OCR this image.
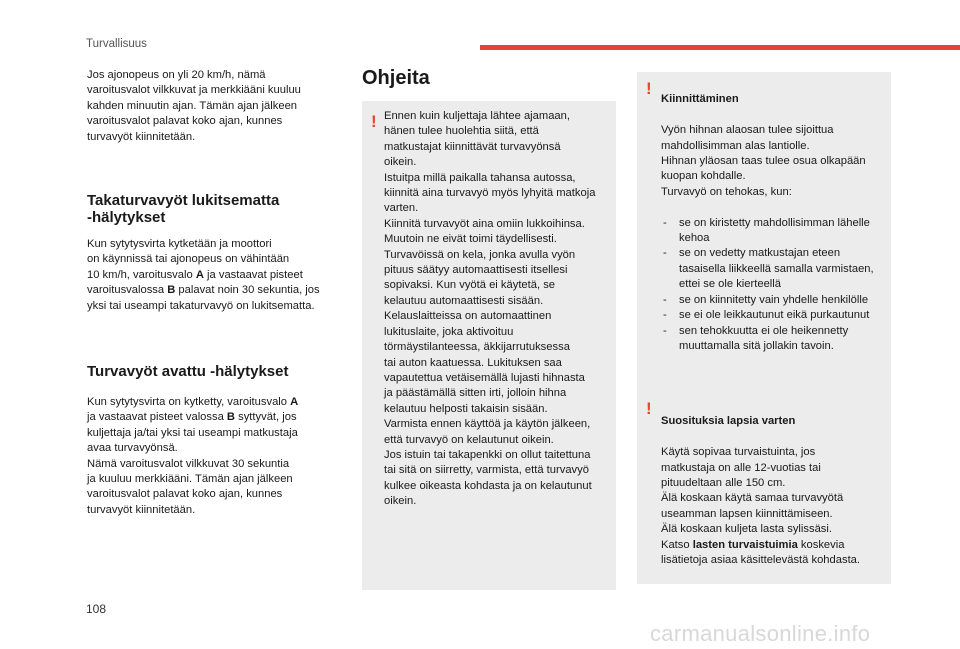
Turvallisuus

Jos ajonopeus on yli 20 km/h, nämä
varoitusvalot vilkkuvat ja merkkiääni kuuluu
kahden minuutin ajan. Tämän ajan jälkeen
varoitusvalot palavat koko ajan, kunnes
turvavyöt kiinnitetään.

Takaturvavyöt lukitsematta
-hälytykset

Kun sytytysvirta kytketään ja moottori
on käynnissä tai ajonopeus on vähintään
10 km/h, varoitusvalo A ja vastaavat pisteet
varoitusvalossa B palavat noin 30 sekuntia, jos
yksi tai useampi takaturvavyö on lukitsematta.

Turvavyöt avattu -hälytykset

Kun sytytysvirta on kytketty, varoitusvalo A
ja vastaavat pisteet valossa B syttyvät, jos
kuljettaja ja/tai yksi tai useampi matkustaja
avaa turvavyönsä.
Nämä varoitusvalot vilkkuvat 30 sekuntia
ja kuuluu merkkiääni. Tämän ajan jälkeen
varoitusvalot palavat koko ajan, kunnes
turvavyöt kiinnitetään.

Ohjeita
! Ennen kuin kuljettaja lähtee ajamaan,
hänen tulee huolehtia siitä, että
matkustajat kiinnittävät turvavyönsä
oikein.
Istuitpa millä paikalla tahansa autossa,
kiinnitä aina turvavyö myös lyhyitä matkoja
varten.
Kiinnitä turvavyöt aina omiin lukkoihinsa.
Muutoin ne eivät toimi täydellisesti.
Turvavöissä on kela, jonka avulla vyön
pituus säätyy automaattisesti itsellesi
sopivaksi. Kun vyötä ei käytetä, se
kelautuu automaattisesti sisään.
Kelauslaitteissa on automaattinen
lukituslaite, joka aktivoituu
törmäystilanteessa, äkkijarrutuksessa
tai auton kaatuessa. Lukituksen saa
vapautettua vetäisemällä lujasti hihnasta
ja päästämällä sitten irti, jolloin hihna
kelautuu helposti takaisin sisään.
Varmista ennen käyttöä ja käytön jälkeen,
että turvavyö on kelautunut oikein.
Jos istuin tai takapenkki on ollut taitettuna
tai sitä on siirretty, varmista, että turvavyö
kulkee oikeasta kohdasta ja on kelautunut
oikein.
!

Kiinnittäminen

Vyön hihnan alaosan tulee sijoittua
mahdollisimman alas lantiolle.
Hihnan yläosan taas tulee osua olkapään
kuopan kohdalle.
Turvavyö on tehokas, kun:

- se on kiristetty mahdollisimman lähelle kehoa
- se on vedetty matkustajan eteen tasaisella liikkeellä samalla varmistaen, ettei se ole kierteellä
- se on kiinnitetty vain yhdelle henkilölle
- se ei ole leikkautunut eikä purkautunut
- sen tehokkuutta ei ole heikennetty muuttamalla sitä jollakin tavoin.

!

Suosituksia lapsia varten

Käytä sopivaa turvaistuinta, jos
matkustaja on alle 12-vuotias tai
pituudeltaan alle 150 cm.
Älä koskaan käytä samaa turvavyötä
useamman lapsen kiinnittämiseen.
Älä koskaan kuljeta lasta sylissäsi.
Katso lasten turvaistuimia koskevia
lisätietoja asiaa käsittelevästä kohdasta.

108
carmanualsonline.info
